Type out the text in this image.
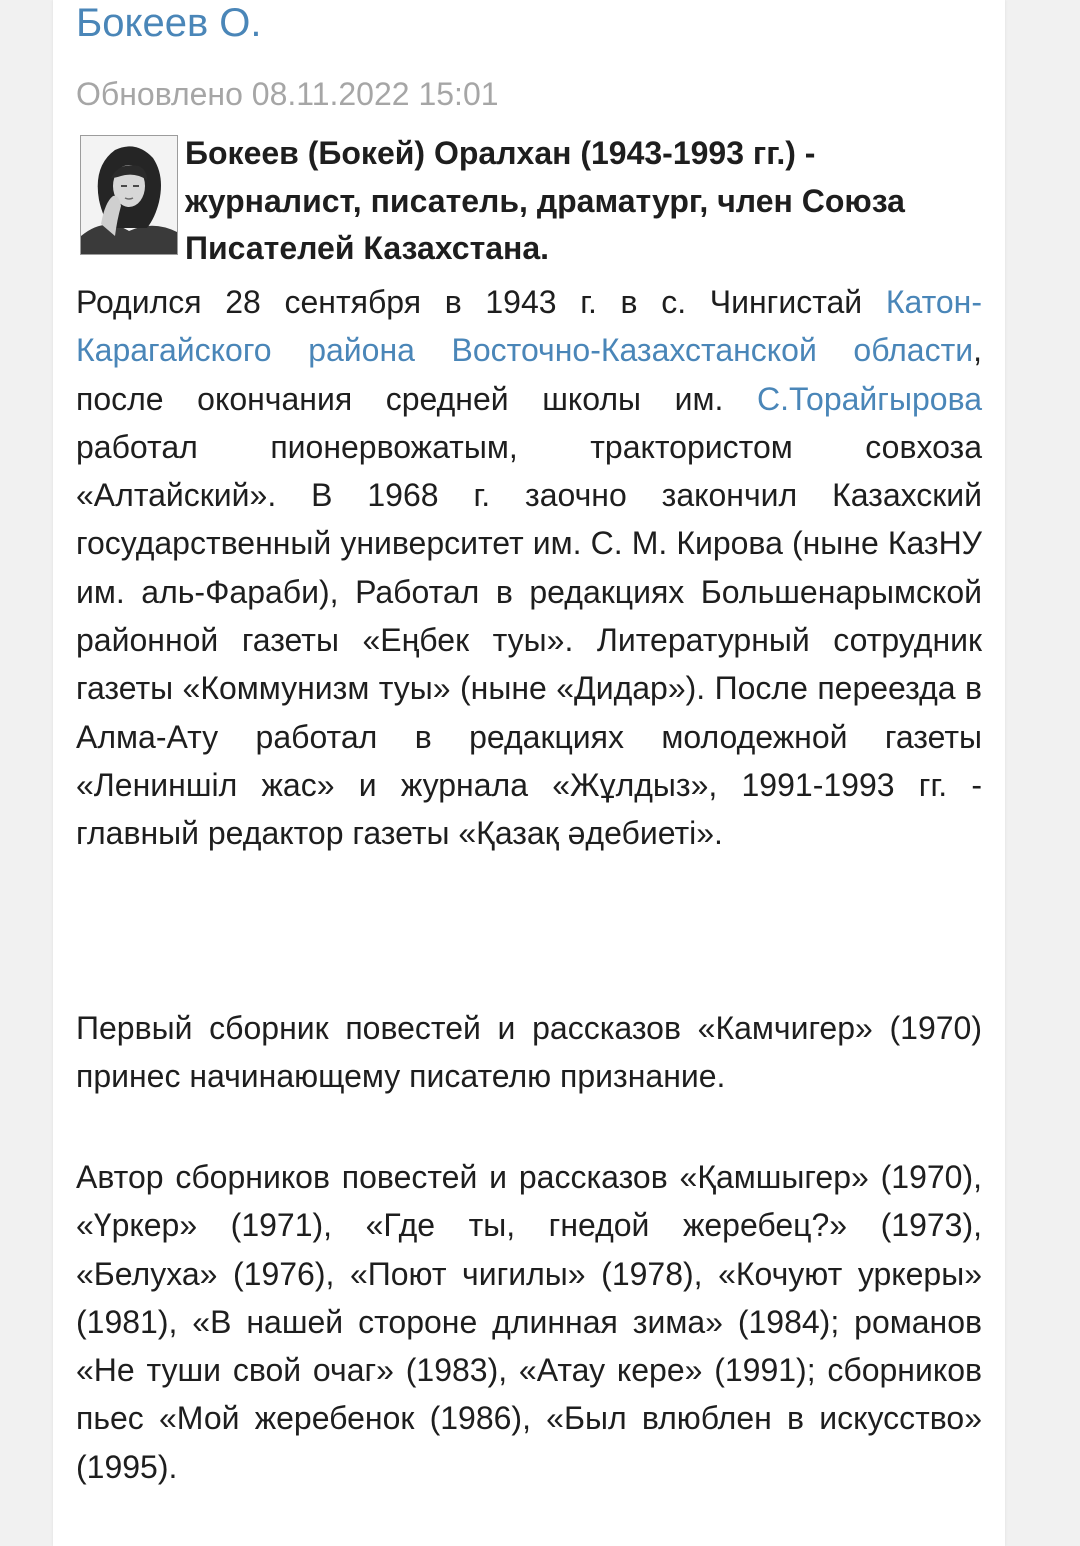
Бокеев О.
Обновлено 08.11.2022 15:01

Бокеев (Бокей) Оралхан (1943-1993 гг.) - журналист, писатель, драматург, член Союза Писателей Казахстана.

Родился 28 сентября в 1943 г. в с. Чингистай Катон-Карагайского района Восточно-Казахстанской области, после окончания средней школы им. С.Торайгырова работал пионервожатым, трактористом совхоза «Алтайский». В 1968 г. заочно закончил Казахский государственный университет им. С. М. Кирова (ныне КазНУ им. аль-Фараби), Работал в редакциях Большенарымской районной газеты «Еңбек туы». Литературный сотрудник газеты «Коммунизм туы» (ныне «Дидар»). После переезда в Алма-Ату работал в редакциях молодежной газеты «Лениншіл жас» и журнала «Жұлдыз», 1991-1993 гг. - главный редактор газеты «Қазақ әдебиеті».

Первый сборник повестей и рассказов «Камчигер» (1970) принес начинающему писателю признание.

Автор сборников повестей и рассказов «Қамшыгер» (1970), «Үркер» (1971), «Где ты, гнедой жеребец?» (1973), «Белуха» (1976), «Поют чигилы» (1978), «Кочуют уркеры» (1981), «В нашей стороне длинная зима» (1984); романов «Не туши свой очаг» (1983), «Атау кере» (1991); сборников пьес «Мой жеребенок (1986), «Был влюблен в искусство» (1995).
